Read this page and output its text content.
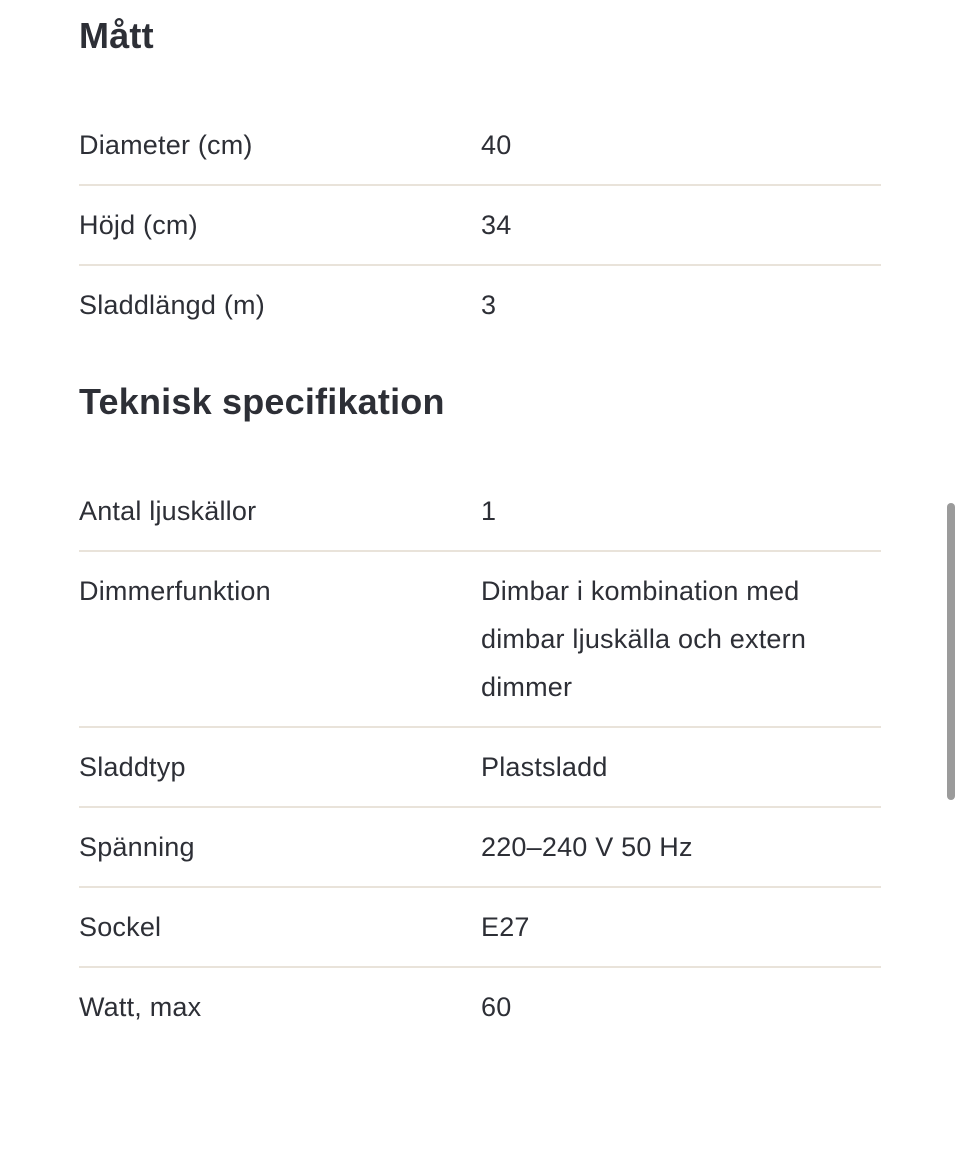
Mått
Diameter (cm)	40
Höjd (cm)	34
Sladdlängd (m)	3
Teknisk specifikation
Antal ljuskällor	1
Dimmerfunktion	Dimbar i kombination med dimbar ljuskälla och extern dimmer
Sladdtyp	Plastsladd
Spänning	220–240 V 50 Hz
Sockel	E27
Watt, max	60
